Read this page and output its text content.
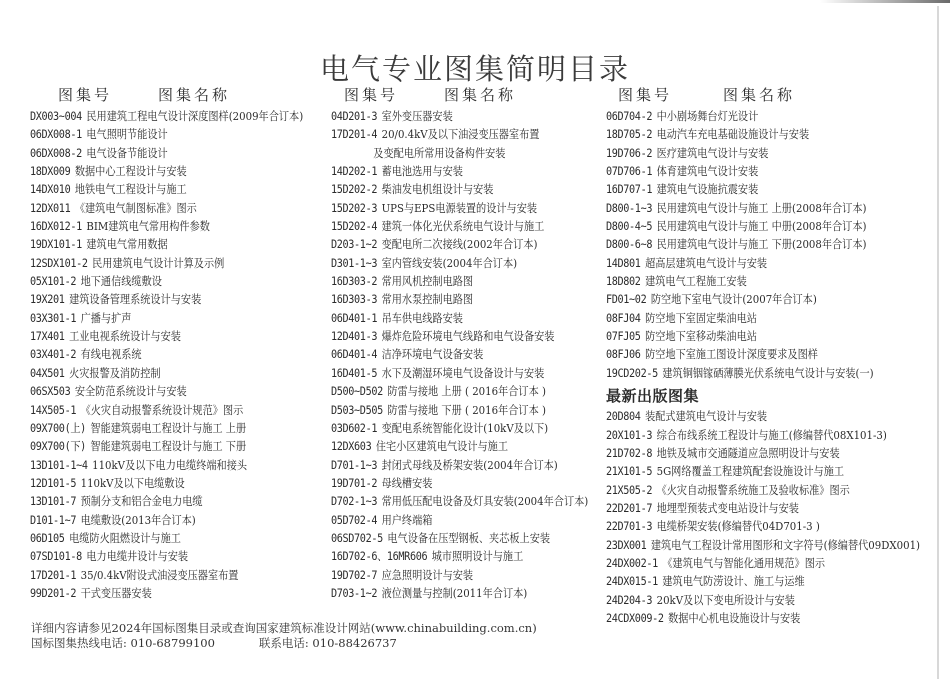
电气专业图集简明目录
图集号	图集名称
DX003~004 民用建筑工程电气设计深度图样(2009年合订本)
06DX008-1 电气照明节能设计
06DX008-2 电气设备节能设计
18DX009 数据中心工程设计与安装
14DX010 地铁电气工程设计与施工
12DX011 《建筑电气制图标准》图示
16DX012-1 BIM建筑电气常用构件参数
19DX101-1 建筑电气常用数据
12SDX101-2 民用建筑电气设计计算及示例
05X101-2 地下通信线缆敷设
19X201 建筑设备管理系统设计与安装
03X301-1 广播与扩声
17X401 工业电视系统设计与安装
03X401-2 有线电视系统
04X501 火灾报警及消防控制
06SX503 安全防范系统设计与安装
14X505-1 《火灾自动报警系统设计规范》图示
09X700(上) 智能建筑弱电工程设计与施工 上册
09X700(下) 智能建筑弱电工程设计与施工 下册
13D101-1~4 110kV及以下电力电缆终端和接头
12D101-5 110kV及以下电缆敷设
13D101-7 预制分支和铝合金电力电缆
D101-1~7 电缆敷设(2013年合订本)
06D105 电缆防火阻燃设计与施工
07SD101-8 电力电缆井设计与安装
17D201-1 35/0.4kV附设式油浸变压器室布置
99D201-2 干式变压器安装
图集号	图集名称
04D201-3 室外变压器安装
17D201-4 20/0.4kV及以下油浸变压器室布置
及变配电所常用设备构件安装
14D202-1 蓄电池选用与安装
15D202-2 柴油发电机组设计与安装
15D202-3 UPS与EPS电源装置的设计与安装
15D202-4 建筑一体化光伏系统电气设计与施工
D203-1~2 变配电所二次接线(2002年合订本)
D301-1~3 室内管线安装(2004年合订本)
16D303-2 常用风机控制电路图
16D303-3 常用水泵控制电路图
06D401-1 吊车供电线路安装
12D401-3 爆炸危险环境电气线路和电气设备安装
06D401-4 洁净环境电气设备安装
16D401-5 水下及潮湿环境电气设备设计与安装
D500~D502 防雷与接地 上册 ( 2016年合订本 )
D503~D505 防雷与接地 下册 ( 2016年合订本 )
03D602-1 变配电系统智能化设计(10kV及以下)
12DX603 住宅小区建筑电气设计与施工
D701-1~3 封闭式母线及桥架安装(2004年合订本)
19D701-2 母线槽安装
D702-1~3 常用低压配电设备及灯具安装(2004年合订本)
05D702-4 用户终端箱
06SD702-5 电气设备在压型钢板、夹芯板上安装
16D702-6、16MR606 城市照明设计与施工
19D702-7 应急照明设计与安装
D703-1~2 液位测量与控制(2011年合订本)
图集号	图集名称
06D704-2 中小剧场舞台灯光设计
18D705-2 电动汽车充电基础设施设计与安装
19D706-2 医疗建筑电气设计与安装
07D706-1 体育建筑电气设计安装
16D707-1 建筑电气设施抗震安装
D800-1~3 民用建筑电气设计与施工 上册(2008年合订本)
D800-4~5 民用建筑电气设计与施工 中册(2008年合订本)
D800-6~8 民用建筑电气设计与施工 下册(2008年合订本)
14D801 超高层建筑电气设计与安装
18D802 建筑电气工程施工安装
FD01~02 防空地下室电气设计(2007年合订本)
08FJ04 防空地下室固定柴油电站
07FJ05 防空地下室移动柴油电站
08FJ06 防空地下室施工图设计深度要求及图样
19CD202-5 建筑铜铟镓硒薄膜光伏系统电气设计与安装(一)
最新出版图集
20D804 装配式建筑电气设计与安装
20X101-3 综合布线系统工程设计与施工(修编替代08X101-3)
21D702-8 地铁及城市交通隧道应急照明设计与安装
21X101-5 5G网络覆盖工程建筑配套设施设计与施工
21X505-2 《火灾自动报警系统施工及验收标准》图示
22D201-7 地埋型预装式变电站设计与安装
22D701-3 电缆桥架安装(修编替代04D701-3 )
23DX001 建筑电气工程设计常用图形和文字符号(修编替代09DX001)
24DX002-1 《建筑电气与智能化通用规范》图示
24DX015-1 建筑电气防涝设计、施工与运维
24D204-3 20kV及以下变电所设计与安装
24CDX009-2 数据中心机电设施设计与安装
详细内容请参见2024年国标图集目录或查询国家建筑标准设计网站(www.chinabuilding.com.cn)
国标图集热线电话: 010-68799100	联系电话: 010-88426737
